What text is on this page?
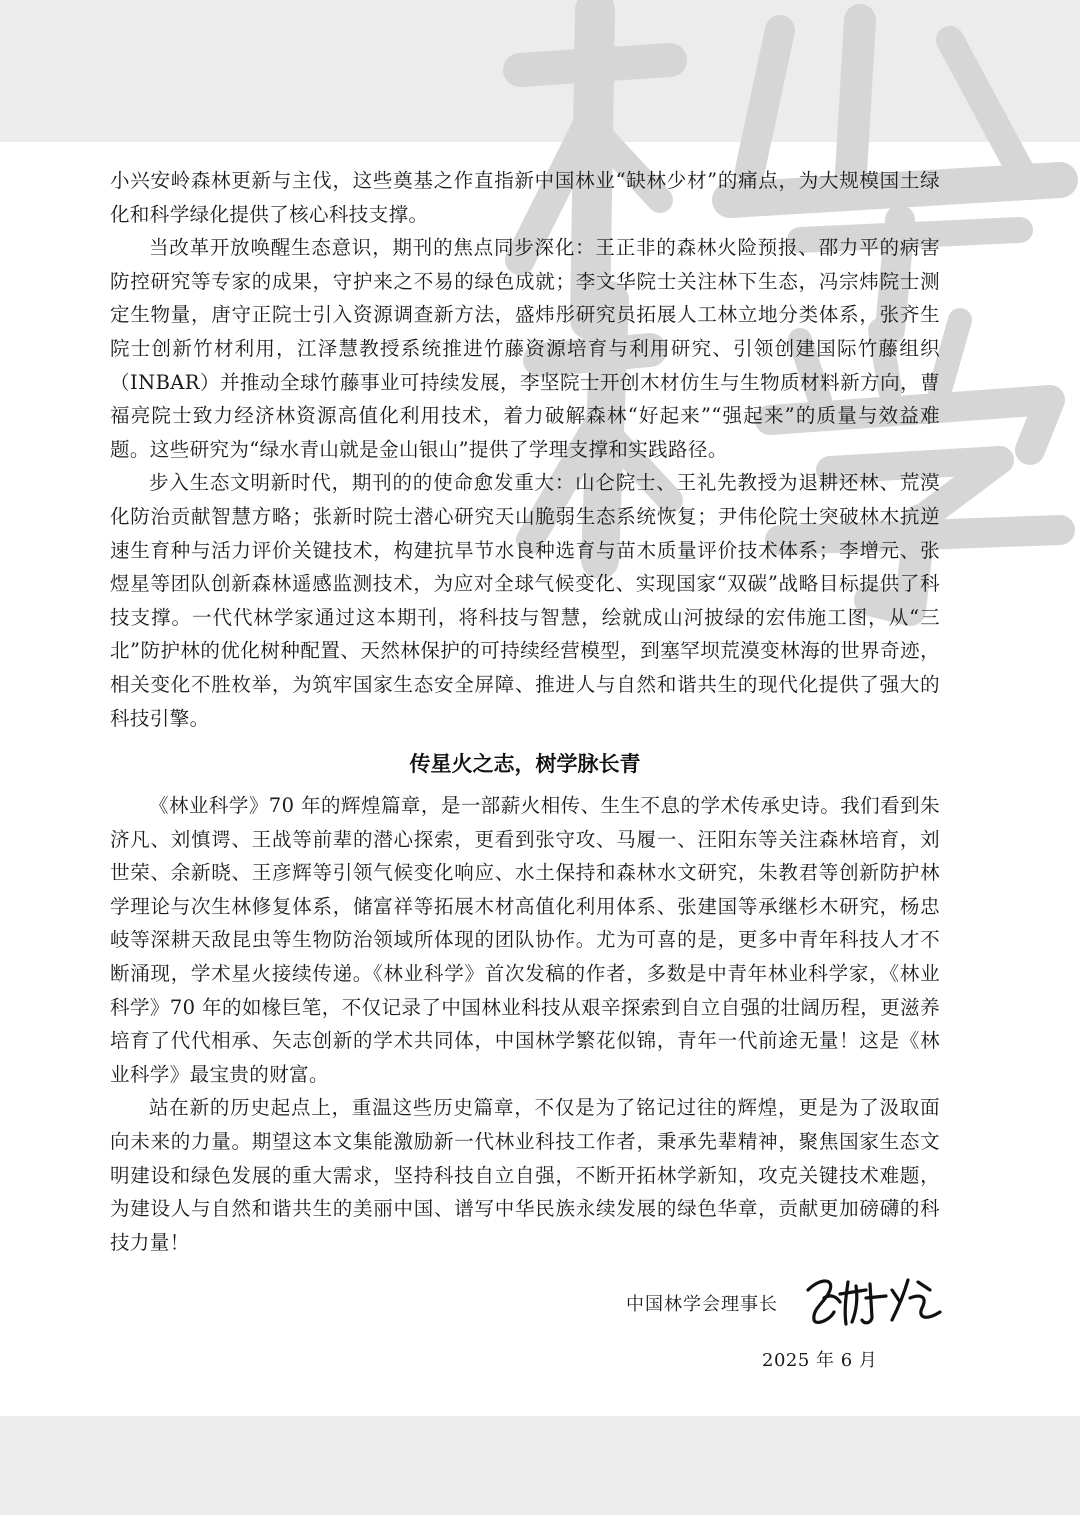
小兴安岭森林更新与主伐，这些奠基之作直指新中国林业“缺林少材”的痛点，为大规模国土绿化和科学绿化提供了核心科技支撑。

当改革开放唤醒生态意识，期刊的焦点同步深化：王正非的森林火险预报、邵力平的病害防控研究等专家的成果，守护来之不易的绿色成就；李文华院士关注林下生态，冯宗炜院士测定生物量，唐守正院士引入资源调查新方法，盛炜彤研究员拓展人工林立地分类体系，张齐生院士创新竹材利用，江泽慧教授系统推进竹藤资源培育与利用研究、引领创建国际竹藤组织（INBAR）并推动全球竹藤事业可持续发展，李坚院士开创木材仿生与生物质材料新方向，曹福亮院士致力经济林资源高值化利用技术，着力破解森林“好起来”“强起来”的质量与效益难题。这些研究为“绿水青山就是金山银山”提供了学理支撑和实践路径。

步入生态文明新时代，期刊的的使命愈发重大：山仑院士、王礼先教授为退耕还林、荒漠化防治贡献智慧方略；张新时院士潜心研究天山脆弱生态系统恢复；尹伟伦院士突破林木抗逆速生育种与活力评价关键技术，构建抗旱节水良种选育与苗木质量评价技术体系；李增元、张煜星等团队创新森林遥感监测技术，为应对全球气候变化、实现国家“双碳”战略目标提供了科技支撑。一代代林学家通过这本期刊，将科技与智慧，绘就成山河披绿的宏伟施工图，从“三北”防护林的优化树种配置、天然林保护的可持续经营模型，到塞罕坝荒漠变林海的世界奇迹，相关变化不胜枚举，为筑牢国家生态安全屏障、推进人与自然和谐共生的现代化提供了强大的科技引擎。

传星火之志，树学脉长青

《林业科学》70 年的辉煌篇章，是一部薪火相传、生生不息的学术传承史诗。我们看到朱济凡、刘慎谔、王战等前辈的潜心探索，更看到张守攻、马履一、汪阳东等关注森林培育，刘世荣、余新晓、王彦辉等引领气候变化响应、水土保持和森林水文研究，朱教君等创新防护林学理论与次生林修复体系，储富祥等拓展木材高值化利用体系、张建国等承继杉木研究，杨忠岐等深耕天敌昆虫等生物防治领域所体现的团队协作。尤为可喜的是，更多中青年科技人才不断涌现，学术星火接续传递。《林业科学》首次发稿的作者，多数是中青年林业科学家，《林业科学》70 年的如椽巨笔，不仅记录了中国林业科技从艰辛探索到自立自强的壮阔历程，更滋养培育了代代相承、矢志创新的学术共同体，中国林学繁花似锦，青年一代前途无量！这是《林业科学》最宝贵的财富。

站在新的历史起点上，重温这些历史篇章，不仅是为了铭记过往的辉煌，更是为了汲取面向未来的力量。期望这本文集能激励新一代林业科技工作者，秉承先辈精神，聚焦国家生态文明建设和绿色发展的重大需求，坚持科技自立自强，不断开拓林学新知，攻克关键技术难题，为建设人与自然和谐共生的美丽中国、谱写中华民族永续发展的绿色华章，贡献更加磅礴的科技力量！

中国林学会理事长
2025 年 6 月
